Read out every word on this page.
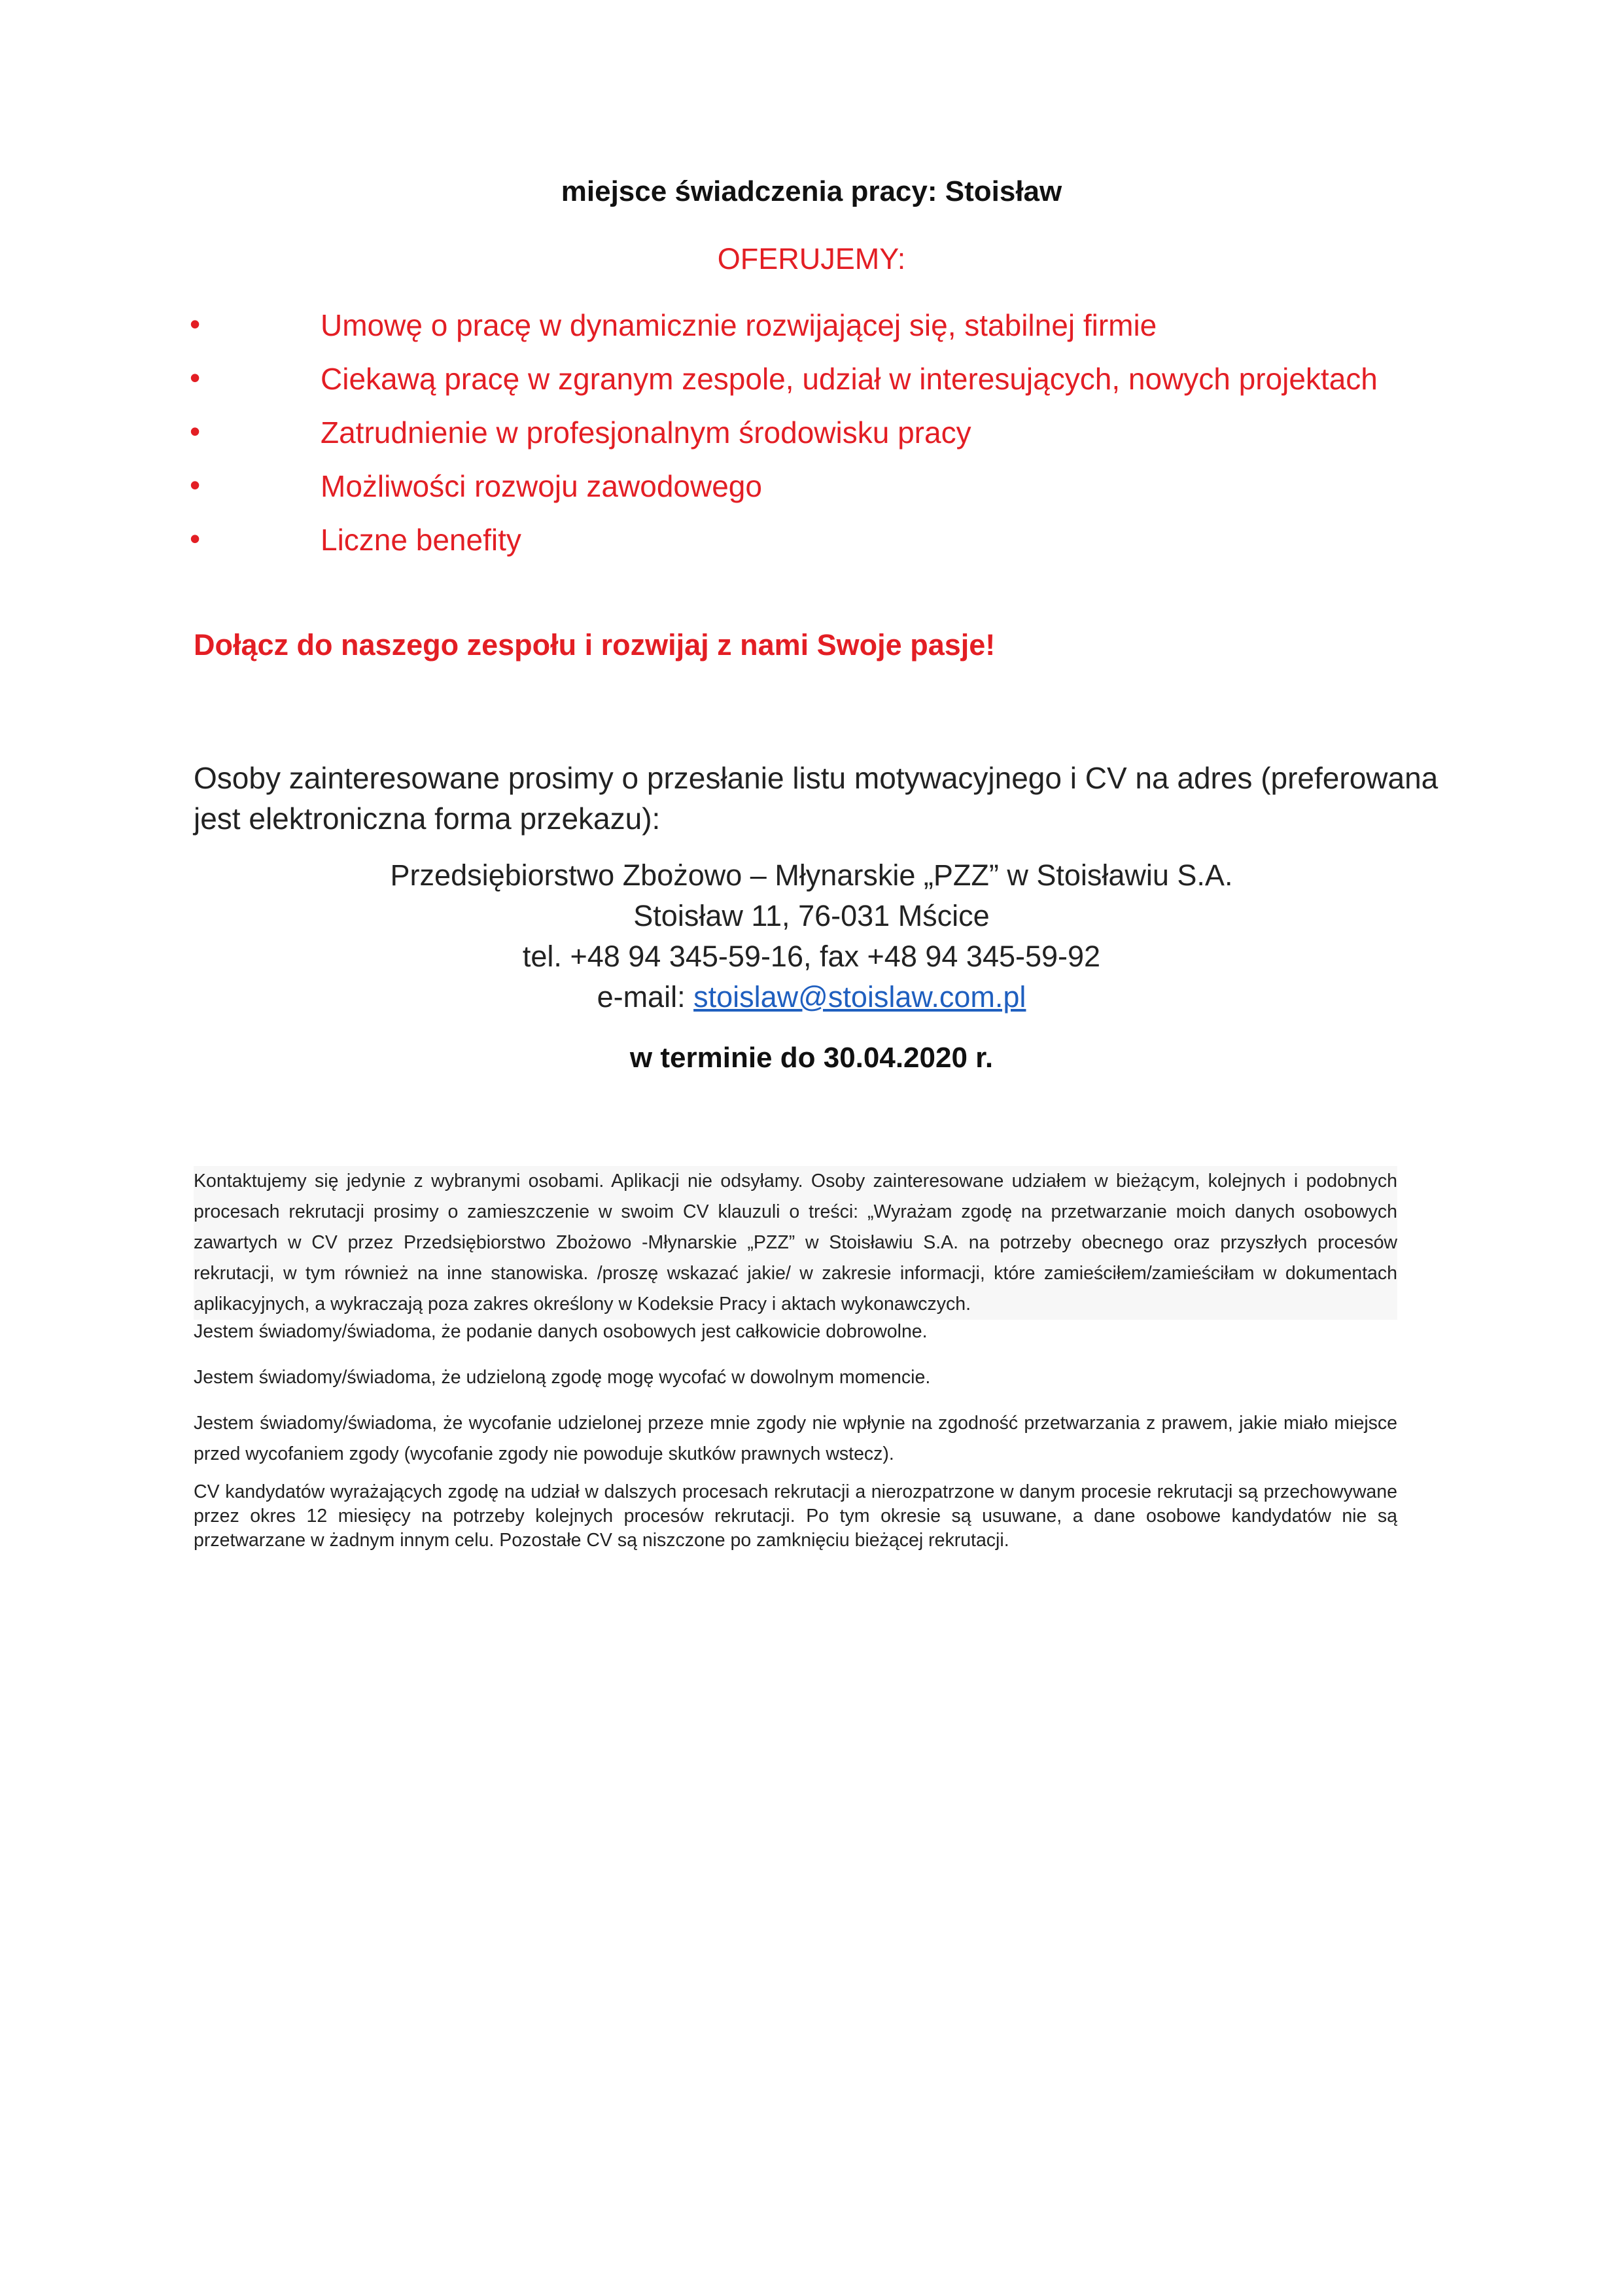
miejsce świadczenia pracy: Stoisław

OFERUJEMY:

•	Umowę o pracę w dynamicznie rozwijającej się, stabilnej firmie
•	Ciekawą pracę w zgranym zespole, udział w interesujących, nowych projektach
•	Zatrudnienie w profesjonalnym środowisku pracy
•	Możliwości rozwoju zawodowego
•	Liczne benefity

Dołącz do naszego zespołu i rozwijaj z nami Swoje pasje!

Osoby zainteresowane prosimy o przesłanie listu motywacyjnego i CV na adres (preferowana jest elektroniczna forma przekazu):

Przedsiębiorstwo Zbożowo – Młynarskie „PZZ” w Stoisławiu S.A.

Stoisław 11, 76-031 Mścice

tel. +48 94 345-59-16, fax +48 94 345-59-92

e-mail: stoislaw@stoislaw.com.pl

w terminie do 30.04.2020 r.

Kontaktujemy się jedynie z wybranymi osobami. Aplikacji nie odsyłamy. Osoby zainteresowane udziałem w bieżącym, kolejnych i podobnych procesach rekrutacji prosimy o zamieszczenie w swoim CV klauzuli o treści: „Wyrażam zgodę na przetwarzanie moich danych osobowych zawartych w CV przez Przedsiębiorstwo Zbożowo -Młynarskie „PZZ” w Stoisławiu S.A. na potrzeby obecnego oraz przyszłych procesów rekrutacji, w tym również na inne stanowiska. /proszę wskazać jakie/ w zakresie informacji, które zamieściłem/zamieściłam w dokumentach aplikacyjnych, a wykraczają poza zakres określony w Kodeksie Pracy i aktach wykonawczych.

Jestem świadomy/świadoma, że podanie danych osobowych jest całkowicie dobrowolne.

Jestem świadomy/świadoma, że udzieloną zgodę mogę wycofać w dowolnym momencie.

Jestem świadomy/świadoma, że wycofanie udzielonej przeze mnie zgody nie wpłynie na zgodność przetwarzania z prawem, jakie miało miejsce przed wycofaniem zgody (wycofanie zgody nie powoduje skutków prawnych wstecz).

CV kandydatów wyrażających zgodę na udział w dalszych procesach rekrutacji a nierozpatrzone w danym procesie rekrutacji są przechowywane przez okres 12 miesięcy na potrzeby kolejnych procesów rekrutacji. Po tym okresie są usuwane, a dane osobowe kandydatów nie są przetwarzane w żadnym innym celu. Pozostałe CV są niszczone po zamknięciu bieżącej rekrutacji.
